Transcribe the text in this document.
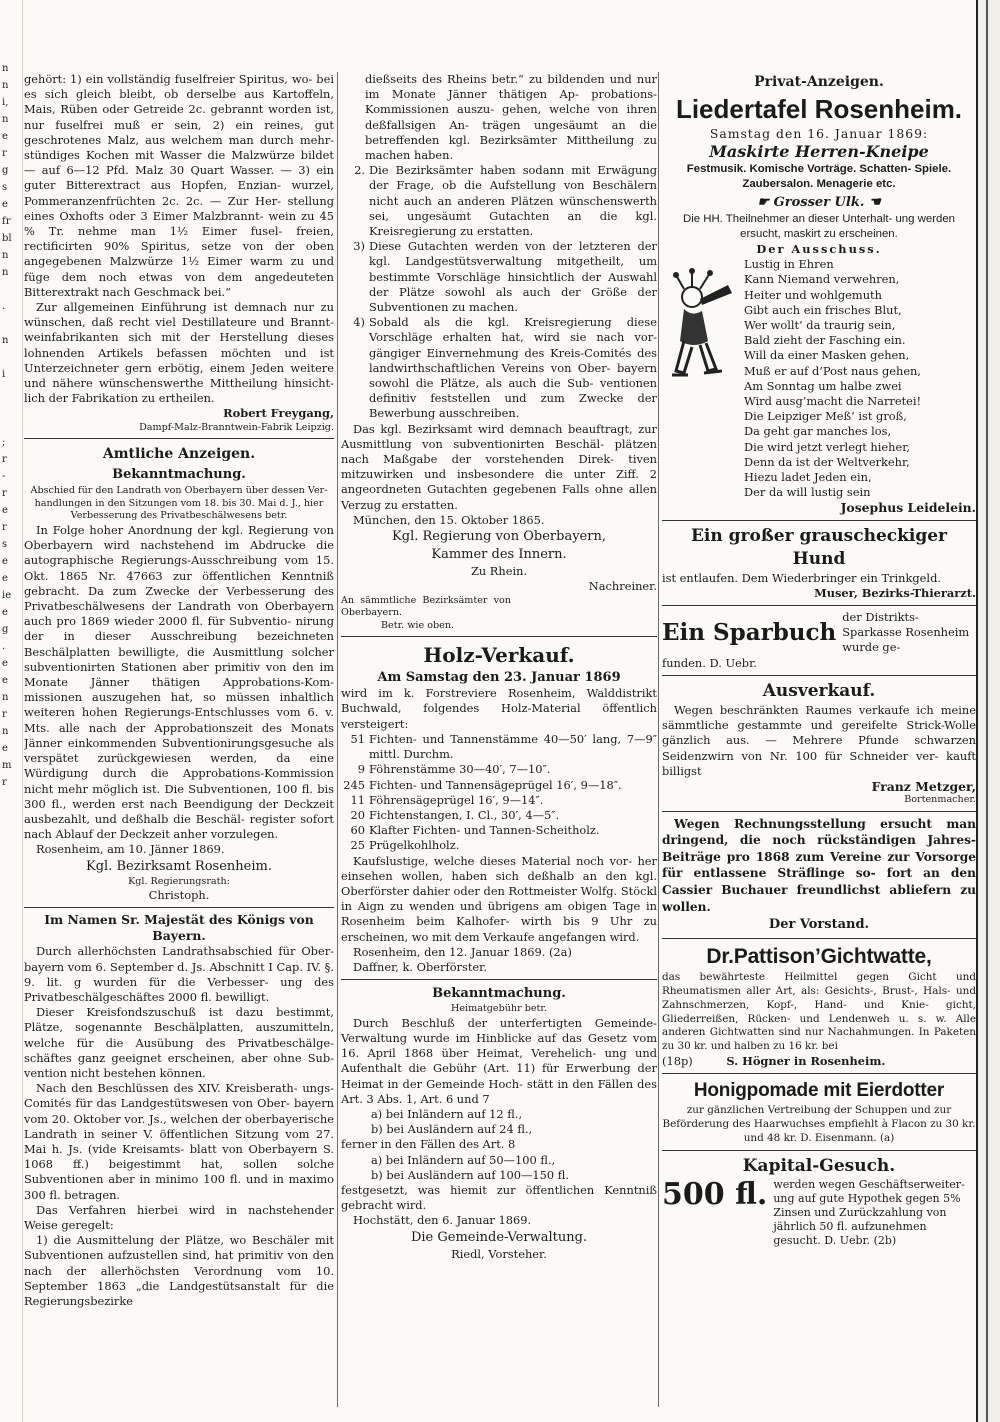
n
n
i,
n
e
r
g
s
e
fr
bl
n
n
.
n
i
;
r
-
r
e
r
s
e
e
ie
e
g
.
e
e
n
r
n
e
m
r

gehört: 1) ein vollständig fuselfreier Spiritus, wo- bei es sich gleich bleibt, ob derselbe aus Kartoffeln, Mais, Rüben oder Getreide 2c. gebrannt worden ist, nur fuselfrei muß er sein, 2) ein reines, gut geschrotenes Malz, aus welchem man durch mehr- stündiges Kochen mit Wasser die Malzwürze bildet — auf 6—12 Pfd. Malz 30 Quart Wasser. — 3) ein guter Bitterextract aus Hopfen, Enzian- wurzel, Pommeranzenfrüchten 2c. 2c. — Zur Her- stellung eines Oxhofts oder 3 Eimer Malzbrannt- wein zu 45 % Tr. nehme man 1½ Eimer fusel- freien, rectificirten 90% Spiritus, setze von der oben angegebenen Malzwürze 1½ Eimer warm zu und füge dem noch etwas von dem angedeuteten Bitterextrakt nach Geschmack bei.“

Zur allgemeinen Einführung ist demnach nur zu wünschen, daß recht viel Destillateure und Brannt- weinfabrikanten sich mit der Herstellung dieses lohnenden Artikels befassen möchten und ist Unterzeichneter gern erbötig, einem Jeden weitere und nähere wünschenswerthe Mittheilung hinsicht- lich der Fabrikation zu ertheilen.

Robert Freygang,

Dampf-Malz-Branntwein-Fabrik Leipzig.

Amtliche Anzeigen.

Bekanntmachung.

Abschied für den Landrath von Oberbayern über dessen Ver- handlungen in den Sitzungen vom 18. bis 30. Mai d. J., hier Verbesserung des Privatbeschälwesens betr.

In Folge hoher Anordnung der kgl. Regierung von Oberbayern wird nachstehend im Abdrucke die autographische Regierungs-Ausschreibung vom 15. Okt. 1865 Nr. 47663 zur öffentlichen Kenntniß gebracht. Da zum Zwecke der Verbesserung des Privatbeschälwesens der Landrath von Oberbayern auch pro 1869 wieder 2000 fl. für Subventio- nirung der in dieser Ausschreibung bezeichneten Beschälplatten bewilligte, die Ausmittlung solcher subventionirten Stationen aber primitiv von den im Monate Jänner thätigen Approbations-Kom- missionen auszugehen hat, so müssen inhaltlich weiteren hohen Regierungs-Entschlusses vom 6. v. Mts. alle nach der Approbationszeit des Monats Jänner einkommenden Subventionirungsgesuche als verspätet zurückgewiesen werden, da eine Würdigung durch die Approbations-Kommission nicht mehr möglich ist. Die Subventionen, 100 fl. bis 300 fl., werden erst nach Beendigung der Deckzeit ausbezahlt, und deßhalb die Beschäl- register sofort nach Ablauf der Deckzeit anher vorzulegen.

Rosenheim, am 10. Jänner 1869.

Kgl. Bezirksamt Rosenheim.

Kgl. Regierungsrath:

Christoph.

Im Namen Sr. Majestät des Königs von Bayern.

Durch allerhöchsten Landrathsabschied für Ober- bayern vom 6. September d. Js. Abschnitt I Cap. IV. §. 9. lit. g wurden für die Verbesser- ung des Privatbeschälgeschäftes 2000 fl. bewilligt.

Dieser Kreisfondszuschuß ist dazu bestimmt, Plätze, sogenannte Beschälplatten, auszumitteln, welche für die Ausübung des Privatbeschälge- schäftes ganz geeignet erscheinen, aber ohne Sub- vention nicht bestehen können.

Nach den Beschlüssen des XIV. Kreisberath- ungs-Comités für das Landgestütswesen von Ober- bayern vom 20. Oktober vor. Js., welchen der oberbayerische Landrath in seiner V. öffentlichen Sitzung vom 27. Mai h. Js. (vide Kreisamts- blatt von Oberbayern S. 1068 ff.) beigestimmt hat, sollen solche Subventionen aber in minimo 100 fl. und in maximo 300 fl. betragen.

Das Verfahren hierbei wird in nachstehender Weise geregelt:

1) die Ausmittelung der Plätze, wo Beschäler mit Subventionen aufzustellen sind, hat primitiv von den nach der allerhöchsten Verordnung vom 10. September 1863 „die Landgestütsanstalt für die Regierungsbezirke

dießseits des Rheins betr.“ zu bildenden und nur im Monate Jänner thätigen Ap- probations-Kommissionen auszu- gehen, welche von ihren deßfallsigen An- trägen ungesäumt an die betreffenden kgl. Bezirksämter Mittheilung zu machen haben.

2. Die Bezirksämter haben sodann mit Erwägung der Frage, ob die Aufstellung von Beschälern nicht auch an anderen Plätzen wünschenswerth sei, ungesäumt Gutachten an die kgl. Kreisregierung zu erstatten.
3) Diese Gutachten werden von der letzteren der kgl. Landgestütsverwaltung mitgetheilt, um bestimmte Vorschläge hinsichtlich der Auswahl der Plätze sowohl als auch der Größe der Subventionen zu machen.
4) Sobald als die kgl. Kreisregierung diese Vorschläge erhalten hat, wird sie nach vor- gängiger Einvernehmung des Kreis-Comités des landwirthschaftlichen Vereins von Ober- bayern sowohl die Plätze, als auch die Sub- ventionen definitiv feststellen und zum Zwecke der Bewerbung ausschreiben.

Das kgl. Bezirksamt wird demnach beauftragt, zur Ausmittlung von subventionirten Beschäl- plätzen nach Maßgabe der vorstehenden Direk- tiven mitzuwirken und insbesondere die unter Ziff. 2 angeordneten Gutachten gegebenen Falls ohne allen Verzug zu erstatten.

München, den 15. Oktober 1865.

Kgl. Regierung von Oberbayern,

Kammer des Innern.

Zu Rhein.

Nachreiner.

An sämmtliche Bezirksämter von Oberbayern.

Betr. wie oben.

Holz-Verkauf.

Am Samstag den 23. Januar 1869

wird im k. Forstreviere Rosenheim, Walddistrikt Buchwald, folgendes Holz-Material öffentlich versteigert:

51 Fichten- und Tannenstämme 40—50′ lang, 7—9″ mittl. Durchm.
9 Föhrenstämme 30—40′, 7—10″.
245 Fichten- und Tannensägeprügel 16′, 9—18″.
11 Föhrensägeprügel 16′, 9—14″.
20 Fichtenstangen, I. Cl., 30′, 4—5″.
60 Klafter Fichten- und Tannen-Scheitholz.
25 Prügelkohlholz.

Kaufslustige, welche dieses Material noch vor- her einsehen wollen, haben sich deßhalb an den kgl. Oberförster dahier oder den Rottmeister Wolfg. Stöckl in Aign zu wenden und übrigens am obigen Tage in Rosenheim beim Kalhofer- wirth bis 9 Uhr zu erscheinen, wo mit dem Verkaufe angefangen wird.

Rosenheim, den 12. Januar 1869. (2a)

Daffner, k. Oberförster.

Bekanntmachung.

Heimatgebühr betr.

Durch Beschluß der unterfertigten Gemeinde- Verwaltung wurde im Hinblicke auf das Gesetz vom 16. April 1868 über Heimat, Verehelich- ung und Aufenthalt die Gebühr (Art. 11) für Erwerbung der Heimat in der Gemeinde Hoch- stätt in den Fällen des Art. 3 Abs. 1, Art. 6 und 7

a) bei Inländern auf 12 fl.,

b) bei Ausländern auf 24 fl.,

ferner in den Fällen des Art. 8

a) bei Inländern auf 50—100 fl.,

b) bei Ausländern auf 100—150 fl.

festgesetzt, was hiemit zur öffentlichen Kenntniß gebracht wird.

Hochstätt, den 6. Januar 1869.

Die Gemeinde-Verwaltung.

Riedl, Vorsteher.

Privat-Anzeigen.

Liedertafel Rosenheim.

Samstag den 16. Januar 1869:

Maskirte Herren-Kneipe

Festmusik. Komische Vorträge. Schatten- Spiele. Zaubersalon. Menagerie etc.

☛ Grosser Ulk. ☚

Die HH. Theilnehmer an dieser Unterhalt- ung werden ersucht, maskirt zu erscheinen.

Der Ausschuss.

Lustig in Ehren

Kann Niemand verwehren,

Heiter und wohlgemuth

Gibt auch ein frisches Blut,

Wer wollt’ da traurig sein,

Bald zieht der Fasching ein.

Will da einer Masken gehen,

Muß er auf d’Post naus gehen,

Am Sonntag um halbe zwei

Wird ausg’macht die Narretei!

Die Leipziger Meß’ ist groß,

Da geht gar manches los,

Die wird jetzt verlegt hieher,

Denn da ist der Weltverkehr,

Hiezu ladet Jeden ein,

Der da will lustig sein

Josephus Leidelein.

Ein großer grauscheckiger Hund

ist entlaufen. Dem Wiederbringer ein Trinkgeld.

Muser, Bezirks-Thierarzt.

Ein Sparbuch
der Distrikts-Sparkasse Rosenheim wurde ge-

funden. D. Uebr.

Ausverkauf.

Wegen beschränkten Raumes verkaufe ich meine sämmtliche gestammte und gereifelte Strick-Wolle gänzlich aus. — Mehrere Pfunde schwarzen Seidenzwirn von Nr. 100 für Schneider ver- kauft billigst

Franz Metzger,

Bortenmacher.

Wegen Rechnungsstellung ersucht man dringend, die noch rückständigen Jahres- Beiträge pro 1868 zum Vereine zur Vorsorge für entlassene Sträflinge so- fort an den Cassier Buchauer freundlichst abliefern zu wollen.

Der Vorstand.

Dr.Pattison’Gichtwatte,

das bewährteste Heilmittel gegen Gicht und Rheumatismen aller Art, als: Gesichts-, Brust-, Hals- und Zahnschmerzen, Kopf-, Hand- und Knie- gicht, Gliederreißen, Rücken- und Lendenweh u. s. w. Alle anderen Gichtwatten sind nur Nachahmungen. In Paketen zu 30 kr. und halben zu 16 kr. bei

(18p)	S. Högner in Rosenheim.

Honigpomade mit Eierdotter

zur gänzlichen Vertreibung der Schuppen und zur Beförderung des Haarwuchses empfiehlt à Flacon zu 30 kr. und 48 kr. D. Eisenmann. (a)

Kapital-Gesuch.

500 fl. werden wegen Geschäftserweiter- ung auf gute Hypothek gegen 5% Zinsen und Zurückzahlung von jährlich 50 fl. aufzunehmen gesucht. D. Uebr. (2b)
